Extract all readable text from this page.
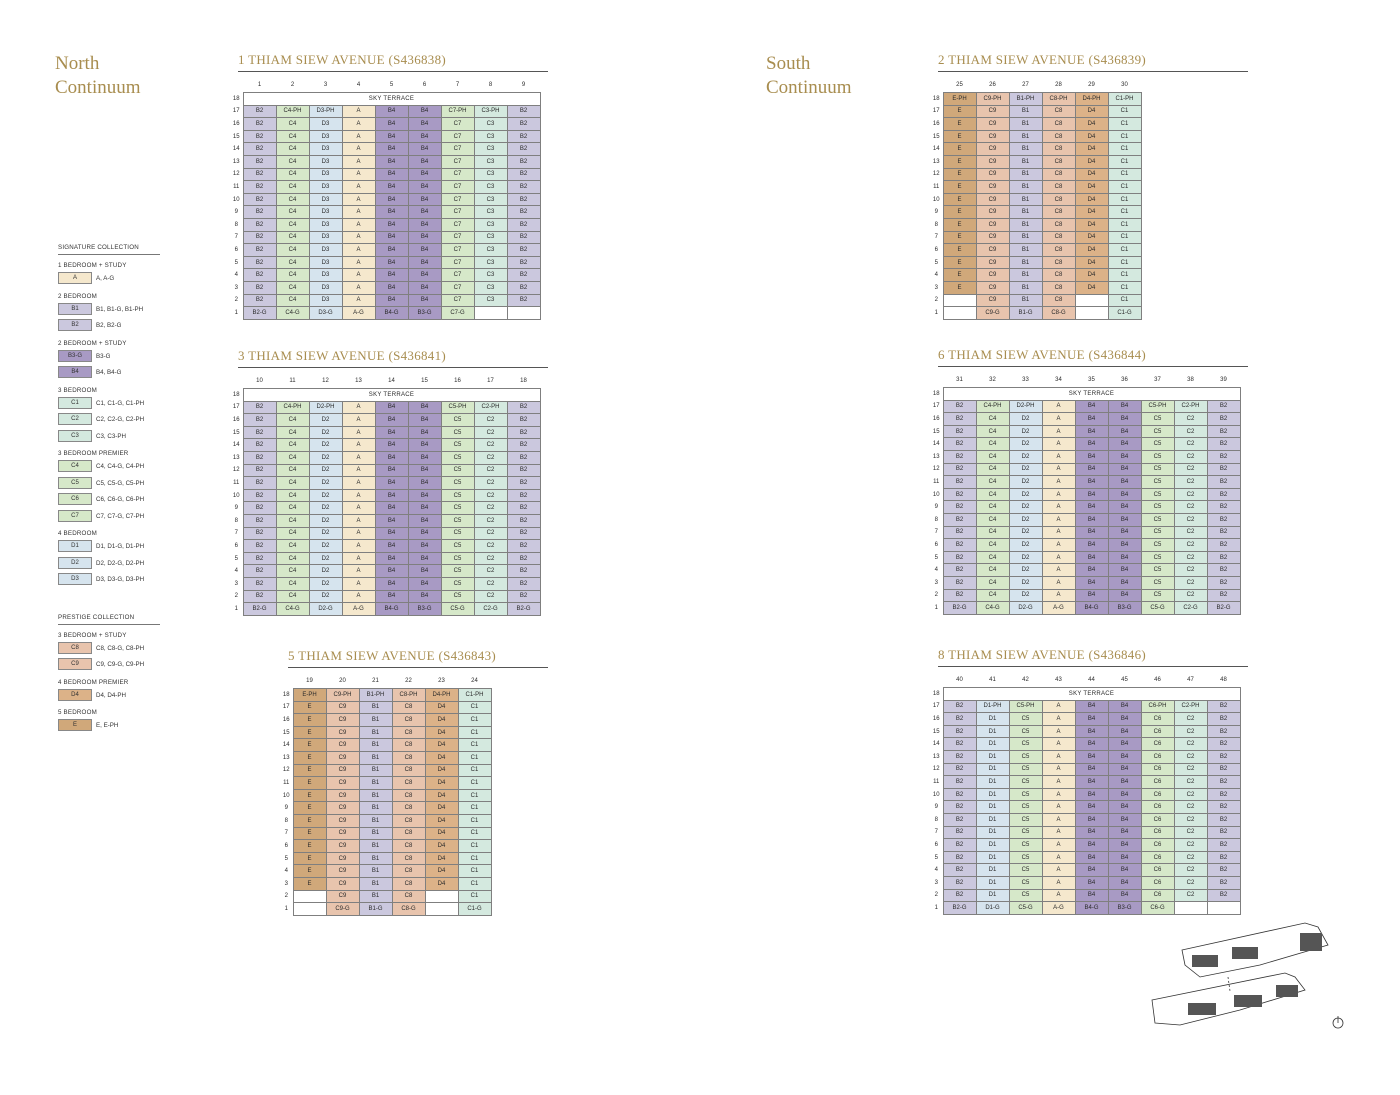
North Continuum
South Continuum
SIGNATURE COLLECTION
1 BEDROOM + STUDY
A	A, A-G
2 BEDROOM
B1	B1, B1-G, B1-PH
B2	B2, B2-G
2 BEDROOM + STUDY
B3-G	B3-G
B4	B4, B4-G
3 BEDROOM
C1	C1, C1-G, C1-PH
C2	C2, C2-G, C2-PH
C3	C3, C3-PH
3 BEDROOM PREMIER
C4	C4, C4-G, C4-PH
C5	C5, C5-G, C5-PH
C6	C6, C6-G, C6-PH
C7	C7, C7-G, C7-PH
4 BEDROOM
D1	D1, D1-G, D1-PH
D2	D2, D2-G, D2-PH
D3	D3, D3-G, D3-PH
PRESTIGE COLLECTION
3 BEDROOM + STUDY
C8	C8, C8-G, C8-PH
C9	C9, C9-G, C9-PH
4 BEDROOM PREMIER
D4	D4, D4-PH
5 BEDROOM
E	E, E-PH
1 THIAM SIEW AVENUE (S436838)
	1	2	3	4	5	6	7	8	9
18	SKY TERRACE								
17	B2	C4-PH	D3-PH	A	B4	B4	C7-PH	C3-PH	B2
16	B2	C4	D3	A	B4	B4	C7	C3	B2
15	B2	C4	D3	A	B4	B4	C7	C3	B2
14	B2	C4	D3	A	B4	B4	C7	C3	B2
13	B2	C4	D3	A	B4	B4	C7	C3	B2
12	B2	C4	D3	A	B4	B4	C7	C3	B2
11	B2	C4	D3	A	B4	B4	C7	C3	B2
10	B2	C4	D3	A	B4	B4	C7	C3	B2
9	B2	C4	D3	A	B4	B4	C7	C3	B2
8	B2	C4	D3	A	B4	B4	C7	C3	B2
7	B2	C4	D3	A	B4	B4	C7	C3	B2
6	B2	C4	D3	A	B4	B4	C7	C3	B2
5	B2	C4	D3	A	B4	B4	C7	C3	B2
4	B2	C4	D3	A	B4	B4	C7	C3	B2
3	B2	C4	D3	A	B4	B4	C7	C3	B2
2	B2	C4	D3	A	B4	B4	C7	C3	B2
1	B2-G	C4-G	D3-G	A-G	B4-G	B3-G	C7-G		
3 THIAM SIEW AVENUE (S436841)
	10	11	12	13	14	15	16	17	18
18	SKY TERRACE								
17	B2	C4-PH	D2-PH	A	B4	B4	C5-PH	C2-PH	B2
16	B2	C4	D2	A	B4	B4	C5	C2	B2
15	B2	C4	D2	A	B4	B4	C5	C2	B2
14	B2	C4	D2	A	B4	B4	C5	C2	B2
13	B2	C4	D2	A	B4	B4	C5	C2	B2
12	B2	C4	D2	A	B4	B4	C5	C2	B2
11	B2	C4	D2	A	B4	B4	C5	C2	B2
10	B2	C4	D2	A	B4	B4	C5	C2	B2
9	B2	C4	D2	A	B4	B4	C5	C2	B2
8	B2	C4	D2	A	B4	B4	C5	C2	B2
7	B2	C4	D2	A	B4	B4	C5	C2	B2
6	B2	C4	D2	A	B4	B4	C5	C2	B2
5	B2	C4	D2	A	B4	B4	C5	C2	B2
4	B2	C4	D2	A	B4	B4	C5	C2	B2
3	B2	C4	D2	A	B4	B4	C5	C2	B2
2	B2	C4	D2	A	B4	B4	C5	C2	B2
1	B2-G	C4-G	D2-G	A-G	B4-G	B3-G	C5-G	C2-G	B2-G
5 THIAM SIEW AVENUE (S436843)
	19	20	21	22	23	24
18	E-PH	C9-PH	B1-PH	C8-PH	D4-PH	C1-PH
17	E	C9	B1	C8	D4	C1
16	E	C9	B1	C8	D4	C1
15	E	C9	B1	C8	D4	C1
14	E	C9	B1	C8	D4	C1
13	E	C9	B1	C8	D4	C1
12	E	C9	B1	C8	D4	C1
11	E	C9	B1	C8	D4	C1
10	E	C9	B1	C8	D4	C1
9	E	C9	B1	C8	D4	C1
8	E	C9	B1	C8	D4	C1
7	E	C9	B1	C8	D4	C1
6	E	C9	B1	C8	D4	C1
5	E	C9	B1	C8	D4	C1
4	E	C9	B1	C8	D4	C1
3	E	C9	B1	C8	D4	C1
2		C9	B1	C8		C1
1		C9-G	B1-G	C8-G		C1-G
2 THIAM SIEW AVENUE (S436839)
	25	26	27	28	29	30
18	E-PH	C9-PH	B1-PH	C8-PH	D4-PH	C1-PH
17	E	C9	B1	C8	D4	C1
16	E	C9	B1	C8	D4	C1
15	E	C9	B1	C8	D4	C1
14	E	C9	B1	C8	D4	C1
13	E	C9	B1	C8	D4	C1
12	E	C9	B1	C8	D4	C1
11	E	C9	B1	C8	D4	C1
10	E	C9	B1	C8	D4	C1
9	E	C9	B1	C8	D4	C1
8	E	C9	B1	C8	D4	C1
7	E	C9	B1	C8	D4	C1
6	E	C9	B1	C8	D4	C1
5	E	C9	B1	C8	D4	C1
4	E	C9	B1	C8	D4	C1
3	E	C9	B1	C8	D4	C1
2		C9	B1	C8		C1
1		C9-G	B1-G	C8-G		C1-G
6 THIAM SIEW AVENUE (S436844)
	31	32	33	34	35	36	37	38	39
18	SKY TERRACE								
17	B2	C4-PH	D2-PH	A	B4	B4	C5-PH	C2-PH	B2
16	B2	C4	D2	A	B4	B4	C5	C2	B2
15	B2	C4	D2	A	B4	B4	C5	C2	B2
14	B2	C4	D2	A	B4	B4	C5	C2	B2
13	B2	C4	D2	A	B4	B4	C5	C2	B2
12	B2	C4	D2	A	B4	B4	C5	C2	B2
11	B2	C4	D2	A	B4	B4	C5	C2	B2
10	B2	C4	D2	A	B4	B4	C5	C2	B2
9	B2	C4	D2	A	B4	B4	C5	C2	B2
8	B2	C4	D2	A	B4	B4	C5	C2	B2
7	B2	C4	D2	A	B4	B4	C5	C2	B2
6	B2	C4	D2	A	B4	B4	C5	C2	B2
5	B2	C4	D2	A	B4	B4	C5	C2	B2
4	B2	C4	D2	A	B4	B4	C5	C2	B2
3	B2	C4	D2	A	B4	B4	C5	C2	B2
2	B2	C4	D2	A	B4	B4	C5	C2	B2
1	B2-G	C4-G	D2-G	A-G	B4-G	B3-G	C5-G	C2-G	B2-G
8 THIAM SIEW AVENUE (S436846)
	40	41	42	43	44	45	46	47	48
18	SKY TERRACE								
17	B2	D1-PH	C5-PH	A	B4	B4	C6-PH	C2-PH	B2
16	B2	D1	C5	A	B4	B4	C6	C2	B2
15	B2	D1	C5	A	B4	B4	C6	C2	B2
14	B2	D1	C5	A	B4	B4	C6	C2	B2
13	B2	D1	C5	A	B4	B4	C6	C2	B2
12	B2	D1	C5	A	B4	B4	C6	C2	B2
11	B2	D1	C5	A	B4	B4	C6	C2	B2
10	B2	D1	C5	A	B4	B4	C6	C2	B2
9	B2	D1	C5	A	B4	B4	C6	C2	B2
8	B2	D1	C5	A	B4	B4	C6	C2	B2
7	B2	D1	C5	A	B4	B4	C6	C2	B2
6	B2	D1	C5	A	B4	B4	C6	C2	B2
5	B2	D1	C5	A	B4	B4	C6	C2	B2
4	B2	D1	C5	A	B4	B4	C6	C2	B2
3	B2	D1	C5	A	B4	B4	C6	C2	B2
2	B2	D1	C5	A	B4	B4	C6	C2	B2
1	B2-G	D1-G	C5-G	A-G	B4-G	B3-G	C6-G		
